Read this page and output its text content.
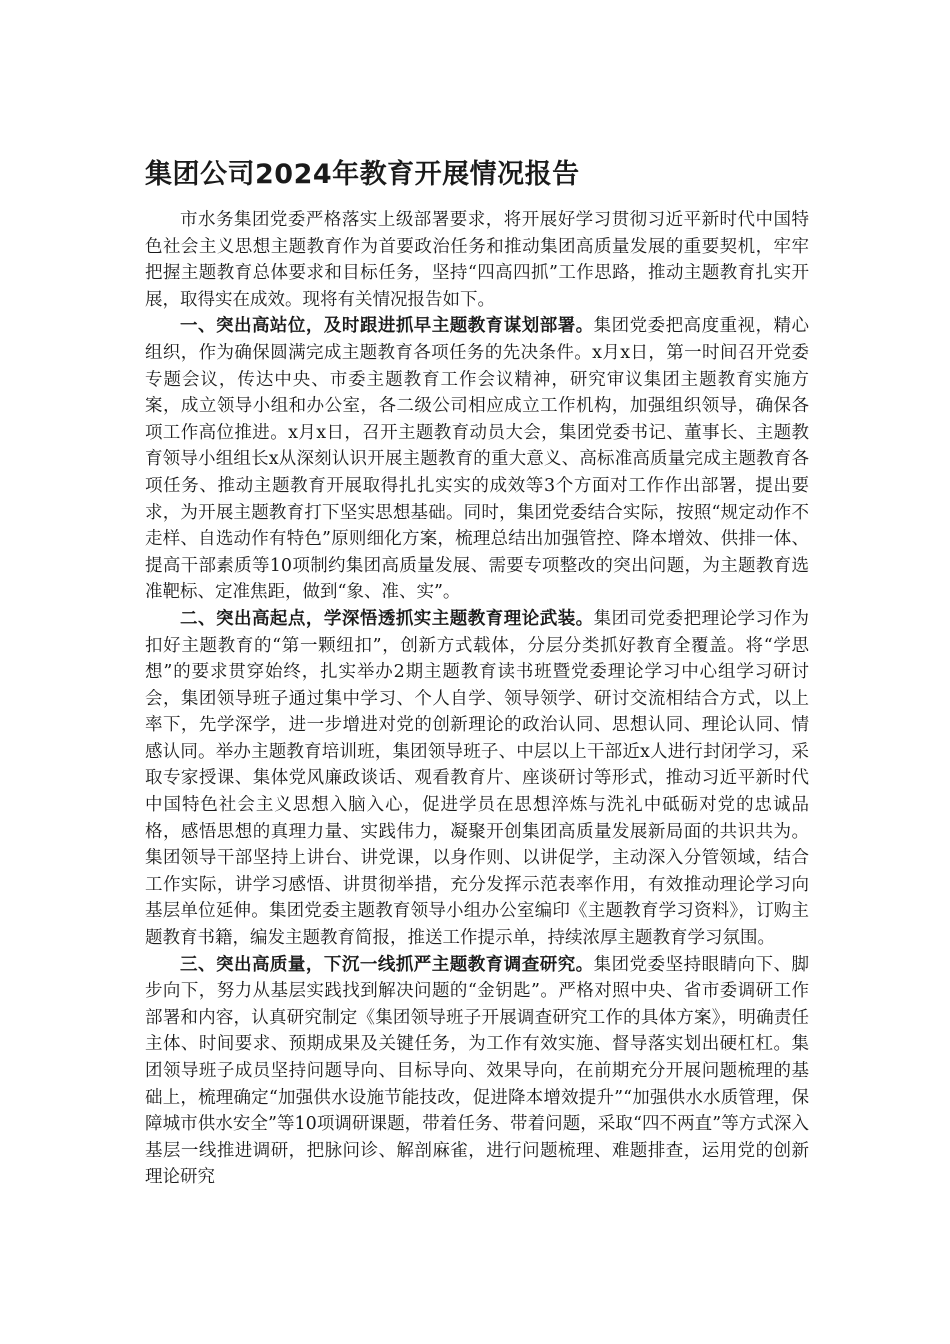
集团公司2024年教育开展情况报告

市水务集团党委严格落实上级部署要求，将开展好学习贯彻习近平新时代中国特色社会主义思想主题教育作为首要政治任务和推动集团高质量发展的重要契机，牢牢把握主题教育总体要求和目标任务，坚持“四高四抓”工作思路，推动主题教育扎实开展，取得实在成效。现将有关情况报告如下。

一、突出高站位，及时跟进抓早主题教育谋划部署。集团党委把高度重视，精心组织，作为确保圆满完成主题教育各项任务的先决条件。x月x日，第一时间召开党委专题会议，传达中央、市委主题教育工作会议精神，研究审议集团主题教育实施方案，成立领导小组和办公室，各二级公司相应成立工作机构，加强组织领导，确保各项工作高位推进。x月x日，召开主题教育动员大会，集团党委书记、董事长、主题教育领导小组组长x从深刻认识开展主题教育的重大意义、高标准高质量完成主题教育各项任务、推动主题教育开展取得扎扎实实的成效等3个方面对工作作出部署，提出要求，为开展主题教育打下坚实思想基础。同时，集团党委结合实际，按照“规定动作不走样、自选动作有特色”原则细化方案，梳理总结出加强管控、降本增效、供排一体、提高干部素质等10项制约集团高质量发展、需要专项整改的突出问题，为主题教育选准靶标、定准焦距，做到“象、准、实”。

二、突出高起点，学深悟透抓实主题教育理论武装。集团司党委把理论学习作为扣好主题教育的“第一颗纽扣”，创新方式载体，分层分类抓好教育全覆盖。将“学思想”的要求贯穿始终，扎实举办2期主题教育读书班暨党委理论学习中心组学习研讨会，集团领导班子通过集中学习、个人自学、领导领学、研讨交流相结合方式，以上率下，先学深学，进一步增进对党的创新理论的政治认同、思想认同、理论认同、情感认同。举办主题教育培训班，集团领导班子、中层以上干部近x人进行封闭学习，采取专家授课、集体党风廉政谈话、观看教育片、座谈研讨等形式，推动习近平新时代中国特色社会主义思想入脑入心，促进学员在思想淬炼与洗礼中砥砺对党的忠诚品格，感悟思想的真理力量、实践伟力，凝聚开创集团高质量发展新局面的共识共为。集团领导干部坚持上讲台、讲党课，以身作则、以讲促学，主动深入分管领域，结合工作实际，讲学习感悟、讲贯彻举措，充分发挥示范表率作用，有效推动理论学习向基层单位延伸。集团党委主题教育领导小组办公室编印《主题教育学习资料》，订购主题教育书籍，编发主题教育简报，推送工作提示单，持续浓厚主题教育学习氛围。

三、突出高质量，下沉一线抓严主题教育调查研究。集团党委坚持眼睛向下、脚步向下，努力从基层实践找到解决问题的“金钥匙”。严格对照中央、省市委调研工作部署和内容，认真研究制定《集团领导班子开展调查研究工作的具体方案》，明确责任主体、时间要求、预期成果及关键任务，为工作有效实施、督导落实划出硬杠杠。集团领导班子成员坚持问题导向、目标导向、效果导向，在前期充分开展问题梳理的基础上，梳理确定“加强供水设施节能技改，促进降本增效提升”“加强供水水质管理，保障城市供水安全”等10项调研课题，带着任务、带着问题，采取“四不两直”等方式深入基层一线推进调研，把脉问诊、解剖麻雀，进行问题梳理、难题排查，运用党的创新理论研究
